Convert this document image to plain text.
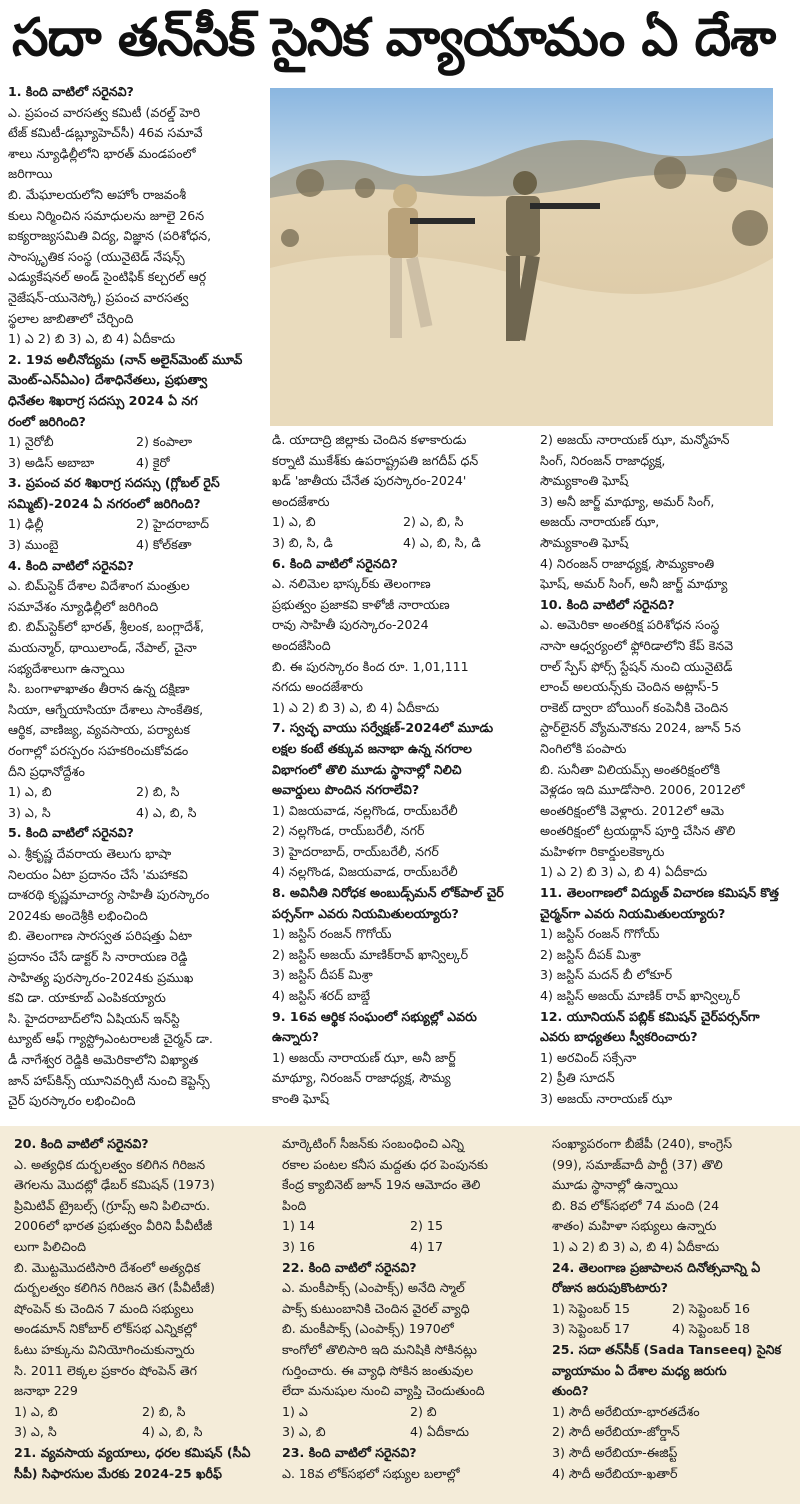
సదా తన్‌సీక్ సైనిక వ్యాయామం ఏ దేశా
1. కింది వాటిలో సరైనవి?
ఎ. ప్రపంచ వారసత్వ కమిటీ (వరల్డ్ హెరి
టేజ్ కమిటీ-డబ్ల్యూహెచ్‌సీ) 46వ సమావే
శాలు న్యూఢిల్లీలోని భారత్ మండపంలో
జరిగాయి
బి. మేఘాలయలోని అహోం రాజవంశీ
కులు నిర్మించిన సమాధులను జూలై 26న
ఐక్యరాజ్యసమితి విద్య, విజ్ఞాన (పరిశోధన,
సాంస్కృతిక సంస్థ (యునైటెడ్ నేషన్స్
ఎడ్యుకేషనల్ అండ్ సైంటిఫిక్ కల్చరల్ ఆర్గ
నైజేషన్-యునెస్కో) ప్రపంచ వారసత్వ
స్థలాల జాబితాలో చేర్చింది
1) ఎ 2) బి 3) ఎ, బి 4) ఏదీకాదు
2. 19వ అలీనోద్యమ (నాన్ అలైన్‌మెంట్ మూవ్
మెంట్-ఎన్‌ఏఎం) దేశాధినేతలు, ప్రభుత్వా
ధినేతల శిఖరాగ్ర సదస్సు 2024 ఏ నగ
రంలో జరిగింది?
1) నైరోబీ	2) కంపాలా
3) అడిస్ అబాబా	4) కైరో
3. ప్రపంచ వర శిఖరాగ్ర సదస్సు (గ్లోబల్ రైస్
సమ్మిట్)-2024 ఏ నగరంలో జరిగింది?
1) ఢిల్లీ	2) హైదరాబాద్
3) ముంబై	4) కోల్‌కతా
4. కింది వాటిలో సరైనవి?
ఎ. బిమ్‌స్టెక్ దేశాల విదేశాంగ మంత్రుల
సమావేశం న్యూఢిల్లీలో జరిగింది
బి. బిమ్‌స్టెక్‌లో భారత్, శ్రీలంక, బంగ్లాదేశ్,
మయన్మార్, థాయిలాండ్, నేపాల్, చైనా
సభ్యదేశాలుగా ఉన్నాయి
సి. బంగాళాఖాతం తీరాన ఉన్న దక్షిణా
సియా, ఆగ్నేయాసియా దేశాలు సాంకేతిక,
ఆర్థిక, వాణిజ్య, వ్యవసాయ, పర్యాటక
రంగాల్లో పరస్పరం సహకరించుకోవడం
దీని ప్రధానోద్దేశం
1) ఎ, బి	2) బి, సి
3) ఎ, సి	4) ఎ, బి, సి
5. కింది వాటిలో సరైనవి?
ఎ. శ్రీకృష్ణ దేవరాయ తెలుగు భాషా
నిలయం ఏటా ప్రదానం చేసే 'మహాకవి
దాశరథి కృష్ణమాచార్య సాహితీ పురస్కారం
2024కు అందెశ్రీకి లభించింది
బి. తెలంగాణ సారస్వత పరిషత్తు ఏటా
ప్రదానం చేసే డాక్టర్ సి నారాయణ రెడ్డి
సాహిత్య పురస్కారం-2024కు ప్రముఖ
కవి డా. యాకూబ్ ఎంపికయ్యారు
సి. హైదరాబాద్‌లోని ఏషియన్ ఇన్‌స్టి
ట్యూట్ ఆఫ్ గ్యాస్ట్రోఎంటరాలజీ చైర్మన్ డా.
డీ నాగేశ్వర రెడ్డికి అమెరికాలోని విఖ్యాత
జాన్ హాప్‌కిన్స్ యూనివర్సిటీ నుంచి కెప్టెన్స్
చైర్ పురస్కారం లభించింది
డి. యాదాద్రి జిల్లాకు చెందిన కళాకారుడు
కర్నాటి ముకేశ్‌కు ఉపరాష్ట్రపతి జగదీప్ ధన్
ఖడ్ 'జాతీయ చేనేత పురస్కారం-2024'
అందజేశారు
1) ఎ, బి	2) ఎ, బి, సి
3) బి, సి, డి	4) ఎ, బి, సి, డి
6. కింది వాటిలో సరైనది?
ఎ. నలిమెల భాస్కర్‌కు తెలంగాణ
ప్రభుత్వం ప్రజాకవి కాళోజీ నారాయణ
రావు సాహితీ పురస్కారం-2024
అందజేసింది
బి. ఈ పురస్కారం కింద రూ. 1,01,111
నగదు అందజేశారు
1) ఎ 2) బి 3) ఎ, బి 4) ఏదీకాదు
7. స్వచ్ఛ వాయు సర్వేక్షణ్-2024లో మూడు
లక్షల కంటే తక్కువ జనాభా ఉన్న నగరాల
విభాగంలో తొలి మూడు స్థానాల్లో నిలిచి
అవార్డులు పొందిన నగరాలేవి?
1) విజయవాడ, నల్లగొండ, రాయ్‌బరేలీ
2) నల్లగొండ, రాయ్‌బరేలీ, నగర్
3) హైదరాబాద్, రాయ్‌బరేలీ, నగర్
4) నల్లగొండ, విజయవాడ, రాయ్‌బరేలీ
8. అవినీతి నిరోధక అంబుడ్స్‌మన్ లోక్‌పాల్ చైర్
పర్సన్‌గా ఎవరు నియమితులయ్యారు?
1) జస్టిస్ రంజన్ గొగోయ్
2) జస్టిస్ అజయ్ మాణిక్‌రావ్ ఖాన్విల్కర్
3) జస్టిస్ దీపక్ మిశ్రా
4) జస్టిస్ శరద్ బాబ్డే
9. 16వ ఆర్థిక సంఘంలో సభ్యుల్లో ఎవరు
ఉన్నారు?
1) అజయ్ నారాయణ్ ఝా, అనీ జార్జ్
మాథ్యూ, నిరంజన్ రాజాధ్యక్ష, సౌమ్య
కాంతి ఘోష్
2) అజయ్ నారాయణ్ ఝా, మన్మోహన్
సింగ్, నిరంజన్ రాజాధ్యక్ష,
సౌమ్యకాంతి ఘోష్
3) అనీ జార్జ్ మాథ్యూ, అమర్ సింగ్,
అజయ్ నారాయణ్ ఝా,
సౌమ్యకాంతి ఘోష్
4) నిరంజన్ రాజాధ్యక్ష, సౌమ్యకాంతి
ఘోష్, అమర్ సింగ్, అనీ జార్జ్ మాథ్యూ
10. కింది వాటిలో సరైనది?
ఎ. అమెరికా అంతరిక్ష పరిశోధన సంస్థ
నాసా ఆధ్వర్యంలో ఫ్లోరిడాలోని కేప్ కెనవె
రాల్ స్పేస్ ఫోర్స్ స్టేషన్ నుంచి యునైటెడ్
లాంచ్ అలయన్స్‌కు చెందిన అట్లాస్-5
రాకెట్ ద్వారా బోయింగ్ కంపెనీకి చెందిన
స్టార్‌లైనర్ వ్యోమనౌకను 2024, జూన్ 5న
నింగిలోకి పంపారు
బి. సునీతా విలియమ్స్ అంతరిక్షంలోకి
వెళ్లడం ఇది మూడోసారి. 2006, 2012లో
అంతరిక్షంలోకి వెళ్లారు. 2012లో ఆమె
అంతరిక్షంలో ట్రయథ్లాన్ పూర్తి చేసిన తొలి
మహిళగా రికార్డులకెక్కారు
1) ఎ 2) బి 3) ఎ, బి 4) ఏదీకాదు
11. తెలంగాణలో విద్యుత్ విచారణ కమిషన్ కొత్త
చైర్మన్‌గా ఎవరు నియమితులయ్యారు?
1) జస్టిస్ రంజన్ గొగోయ్
2) జస్టిస్ దీపక్ మిశ్రా
3) జస్టిస్ మదన్ బీ లోకూర్
4) జస్టిస్ అజయ్ మాణిక్ రావ్ ఖాన్విల్కర్
12. యూనియన్ పబ్లిక్ కమిషన్ చైర్‌పర్సన్‌గా
ఎవరు బాధ్యతలు స్వీకరించారు?
1) అరవింద్ సక్సేనా
2) ప్రీతి సూదన్
3) అజయ్ నారాయణ్ ఝా
20. కింది వాటిలో సరైనవి?
ఎ. అత్యధిక దుర్బలత్వం కలిగిన గిరిజన
తెగలను మొదట్లో ఢేబర్ కమిషన్ (1973)
ప్రిమిటివ్ ట్రైబల్స్ (గ్రూప్స్ అని పిలిచారు.
2006లో భారత ప్రభుత్వం వీరిని పీవీటీజీ
లుగా పిలిచింది
బి. మొట్టమొదటిసారి దేశంలో అత్యధిక
దుర్బలత్వం కలిగిన గిరిజన తెగ (పీవీటీజీ)
షోంపెన్ కు చెందిన 7 మంది సభ్యులు
అండమాన్ నికోబార్ లోక్‌సభ ఎన్నికల్లో
ఓటు హక్కును వినియోగించుకున్నారు
సి. 2011 లెక్కల ప్రకారం షోంపెన్ తెగ
జనాభా 229
1) ఎ, బి	2) బి, సి
3) ఎ, సి	4) ఎ, బి, సి
21. వ్యవసాయ వ్యయాలు, ధరల కమిషన్ (సీఏ
సీపీ) సిఫారసుల మేరకు 2024-25 ఖరీఫ్
మార్కెటింగ్ సీజన్‌కు సంబంధించి ఎన్ని
రకాల పంటల కనీస మద్దతు ధర పెంపునకు
కేంద్ర క్యాబినెట్ జూన్ 19న ఆమోదం తెలి
పింది
1) 14	2) 15
3) 16	4) 17
22. కింది వాటిలో సరైనవి?
ఎ. మంకీపాక్స్ (ఎంపాక్స్) అనేది స్మాల్
పాక్స్ కుటుంబానికి చెందిన వైరల్ వ్యాధి
బి. మంకీపాక్స్ (ఎంపాక్స్) 1970లో
కాంగోలో తొలిసారి ఇది మనిషికి సోకినట్లు
గుర్తించారు. ఈ వ్యాధి సోకిన జంతువుల
లేదా మనుషుల నుంచి వ్యాప్తి చెందుతుంది
1) ఎ	2) బి
3) ఎ, బి	4) ఏదీకాదు
23. కింది వాటిలో సరైనవి?
ఎ. 18వ లోక్‌సభలో సభ్యుల బలాల్లో
సంఖ్యాపరంగా బీజేపీ (240), కాంగ్రెస్
(99), సమాజ్‌వాదీ పార్టీ (37) తొలి
మూడు స్థానాల్లో ఉన్నాయి
బి. 8వ లోక్‌సభలో 74 మంది (24
శాతం) మహిళా సభ్యులు ఉన్నారు
1) ఎ 2) బి 3) ఎ, బి 4) ఏదీకాదు
24. తెలంగాణ ప్రజాపాలన దినోత్సవాన్ని ఏ
రోజున జరుపుకొంటారు?
1) సెప్టెంబర్ 15	2) సెప్టెంబర్ 16
3) సెప్టెంబర్ 17	4) సెప్టెంబర్ 18
25. సదా తన్‌సీక్ (Sada Tanseeq) సైనిక
వ్యాయామం ఏ దేశాల మధ్య జరుగు
తుంది?
1) సౌదీ అరేబియా-భారతదేశం
2) సౌదీ అరేబియా-జోర్డాన్
3) సౌదీ అరేబియా-ఈజిప్ట్
4) సౌదీ అరేబియా-ఖతార్
